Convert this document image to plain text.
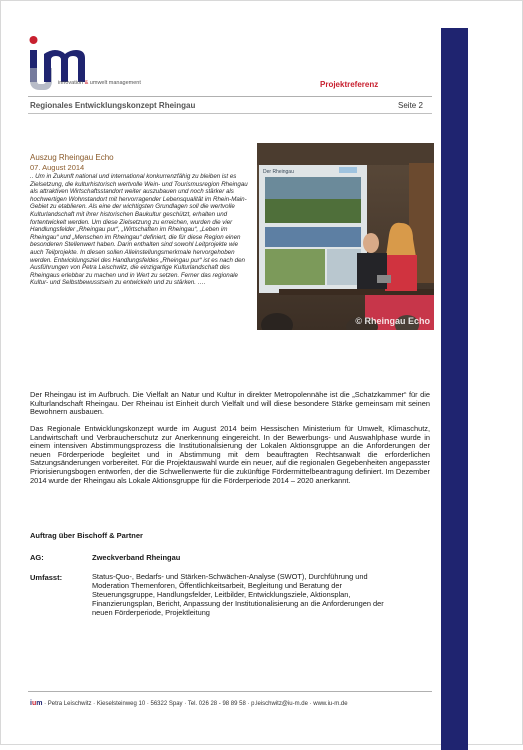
innovation & umwelt management	Projektreferenz
Regionales Entwicklungskonzept Rheingau	Seite 2
Auszug Rheingau Echo
07. August 2014

.. Um in Zukunft national und international konkurrenzfähig zu bleiben ist es Zielsetzung, die kulturhistorisch wertvolle Wein- und Tourismusregion Rheingau als attraktiven Wirtschaftsstandort weiter auszubauen und noch stärker als hochwertigen Wohnstandort mit hervorragender Lebensqualität im Rhein-Main-Gebiet zu etablieren. Als eine der wichtigsten Grundlagen soll die wertvolle Kulturlandschaft mit ihrer historischen Baukultur geschützt, erhalten und fortentwickelt werden. Um diese Zielsetzung zu erreichen, wurden die vier Handlungsfelder „Rheingau pur“, „Wirtschaften im Rheingau“, „Leben im Rheingau“ und „Menschen im Rheingau“ definiert, die für diese Region einen besonderen Stellenwert haben. Darin enthalten sind sowohl Leitprojekte wie auch Teilprojekte. In diesen sollen Alleinstellungsmerkmale hervorgehoben werden. Entwicklungsziel des Handlungsfeldes „Rheingau pur“ ist es nach den Ausführungen von Petra Leischwitz, die einzigartige Kulturlandschaft des Rheingaus erlebbar zu machen und in Wert zu setzen. Ferner das regionale Kultur- und Selbstbewusstsein zu entwickeln und zu stärken. ….

Der Rheingau
© Rheingau Echo

Der Rheingau ist im Aufbruch. Die Vielfalt an Natur und Kultur in direkter Metropolennähe ist die „Schatzkammer“ für die Kulturlandschaft Rheingau. Der Rheinau ist Einheit durch Vielfalt und will diese besondere Stärke gemeinsam mit seinen Bewohnern ausbauen.

Das Regionale Entwicklungskonzept wurde im August 2014 beim Hessischen Ministerium für Umwelt, Klimaschutz, Landwirtschaft und Verbraucherschutz zur Anerkennung eingereicht. In der Bewerbungs- und Auswahlphase wurde in einem intensiven Abstimmungsprozess die Institutionalisierung der Lokalen Aktionsgruppe an die Anforderungen der neuen Förderperiode begleitet und in Abstimmung mit dem beauftragten Rechtsanwalt die erforderlichen Satzungsänderungen vorbereitet. Für die Projektauswahl wurde ein neuer, auf die regionalen Gegebenheiten angepasster Priorisierungsbogen entworfen, der die Schwellenwerte für die zukünftige Fördermittelbeantragung definiert. Im Dezember 2014 wurde der Rheingau als Lokale Aktionsgruppe für die Förderperiode 2014 – 2020 anerkannt.

Auftrag über Bischoff & Partner
AG:	Zweckverband Rheingau
Umfasst:	Status-Quo-, Bedarfs- und Stärken-Schwächen-Analyse (SWOT), Durchführung und Moderation Themenforen, Öffentlichkeitsarbeit, Begleitung und Beratung der Steuerungsgruppe, Handlungsfelder, Leitbilder, Entwicklungsziele, Aktionsplan, Finanzierungsplan, Bericht, Anpassung der Institutionalisierung an die Anforderungen der neuen Förderperiode, Projektleitung

ium · Petra Leischwitz · Kieselsteinweg 10 · 56322 Spay · Tel. 026 28 - 98 89 58 · p.leischwitz@iu-m.de · www.iu-m.de
